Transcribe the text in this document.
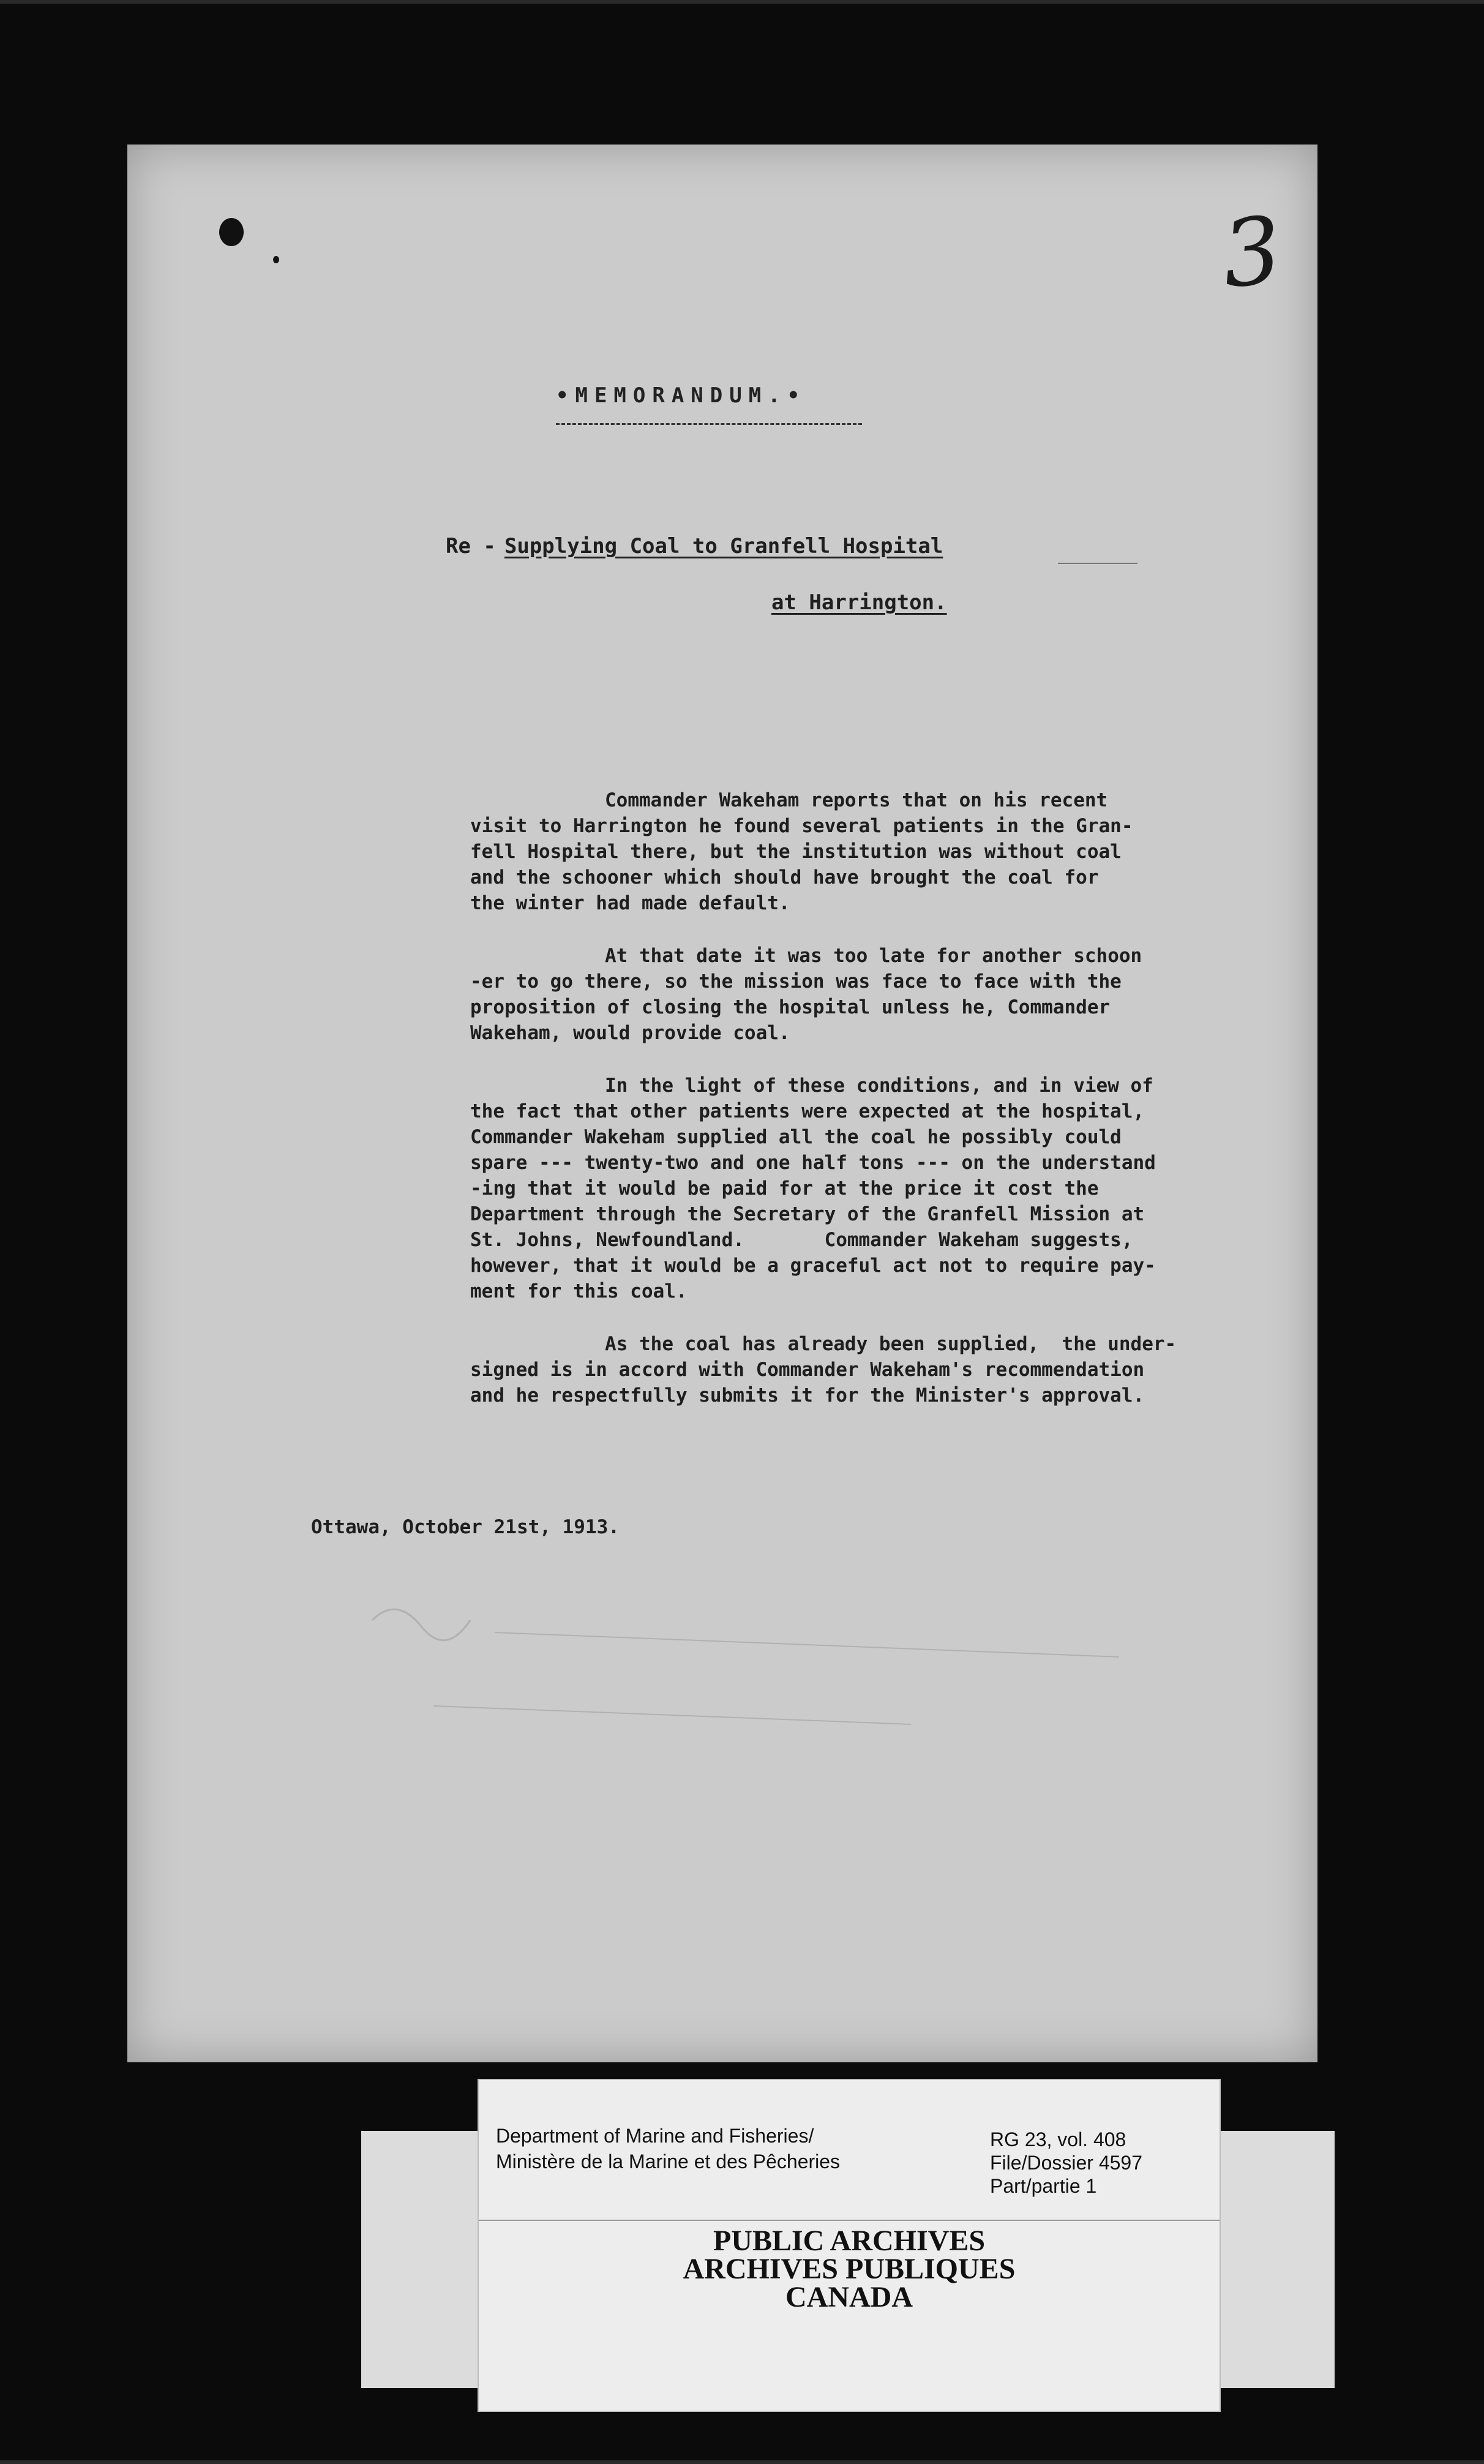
3
•MEMORANDUM.•
Re - Supplying Coal to Granfell Hospital
at Harrington.
Commander Wakeham reports that on his recent
visit to Harrington he found several patients in the Gran-
fell Hospital there, but the institution was without coal
and the schooner which should have brought the coal for
the winter had made default.
At that date it was too late for another schoon
-er to go there, so the mission was face to face with the
proposition of closing the hospital unless he, Commander
Wakeham, would provide coal.
In the light of these conditions, and in view of
the fact that other patients were expected at the hospital,
Commander Wakeham supplied all the coal he possibly could
spare --- twenty-two and one half tons --- on the understand
-ing that it would be paid for at the price it cost the
Department through the Secretary of the Granfell Mission at
St. Johns, Newfoundland.       Commander Wakeham suggests,
however, that it would be a graceful act not to require pay-
ment for this coal.
As the coal has already been supplied,  the under-
signed is in accord with Commander Wakeham's recommendation
and he respectfully submits it for the Minister's approval.
Ottawa, October 21st, 1913.
Department of Marine and Fisheries/
Ministère de la Marine et des Pêcheries
RG 23, vol. 408
File/Dossier 4597
Part/partie 1
PUBLIC ARCHIVES
ARCHIVES PUBLIQUES
CANADA
